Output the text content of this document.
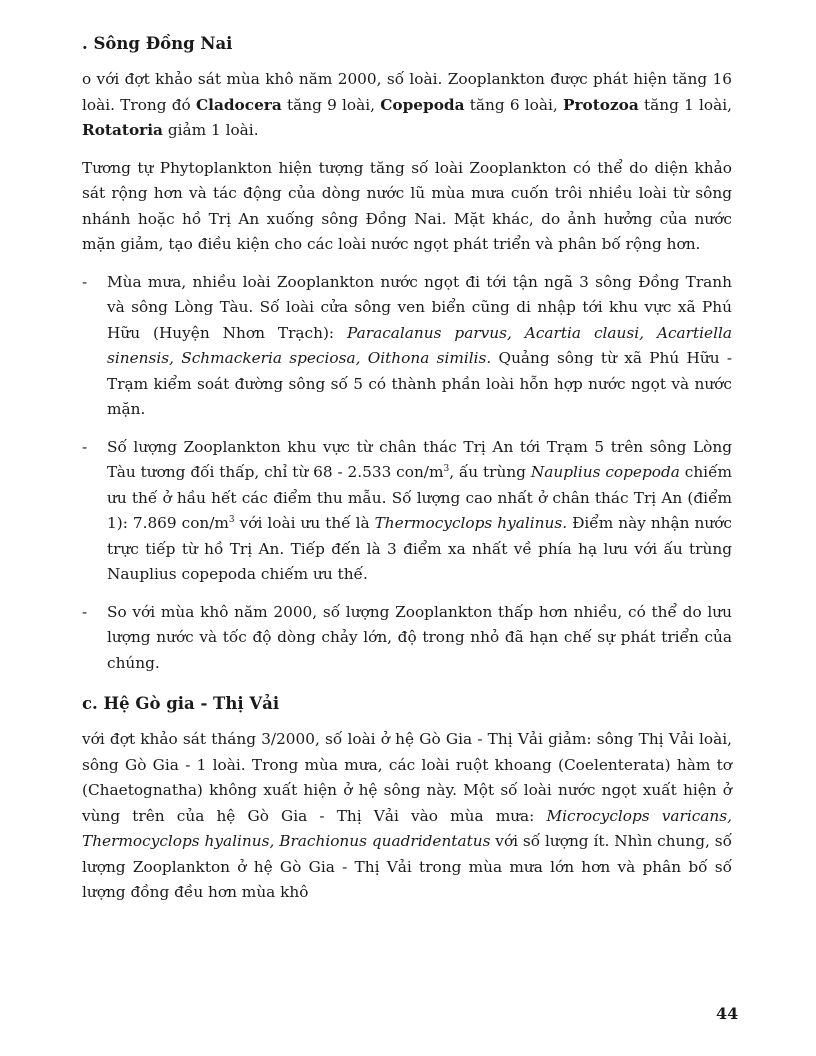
. Sông Đồng Nai

o với đợt khảo sát mùa khô năm 2000, số loài. Zooplankton được phát hiện tăng 16 loài. Trong đó Cladocera tăng 9 loài, Copepoda tăng 6 loài, Protozoa tăng 1 loài, Rotatoria giảm 1 loài.

Tương tự Phytoplankton hiện tượng tăng số loài Zooplankton có thể do diện khảo sát rộng hơn và tác động của dòng nước lũ mùa mưa cuốn trôi nhiều loài từ sông nhánh hoặc hồ Trị An xuống sông Đồng Nai. Mặt khác, do ảnh hưởng của nước mặn giảm, tạo điều kiện cho các loài nước ngọt phát triển và phân bố rộng hơn.

- Mùa mưa, nhiều loài Zooplankton nước ngọt đi tới tận ngã 3 sông Đồng Tranh và sông Lòng Tàu. Số loài cửa sông ven biển cũng di nhập tới khu vực xã Phú Hữu (Huyện Nhơn Trạch): Paracalanus parvus, Acartia clausi, Acartiella sinensis, Schmackeria speciosa, Oithona similis. Quảng sông từ xã Phú Hữu - Trạm kiểm soát đường sông số 5 có thành phần loài hỗn hợp nước ngọt và nước mặn.
- Số lượng Zooplankton khu vực từ chân thác Trị An tới Trạm 5 trên sông Lòng Tàu tương đối thấp, chỉ từ 68 - 2.533 con/$m^3$, ấu trùng Nauplius copepoda chiếm ưu thế ở hầu hết các điểm thu mẫu. Số lượng cao nhất ở chân thác Trị An (điểm 1): 7.869 con/$m^3$ với loài ưu thế là Thermocyclops hyalinus. Điểm này nhận nước trực tiếp từ hồ Trị An. Tiếp đến là 3 điểm xa nhất về phía hạ lưu với ấu trùng Nauplius copepoda chiếm ưu thế.
- So với mùa khô năm 2000, số lượng Zooplankton thấp hơn nhiều, có thể do lưu lượng nước và tốc độ dòng chảy lớn, độ trong nhỏ đã hạn chế sự phát triển của chúng.
c. Hệ Gò gia - Thị Vải

với đợt khảo sát tháng 3/2000, số loài ở hệ Gò Gia - Thị Vải giảm: sông Thị Vải loài, sông Gò Gia - 1 loài. Trong mùa mưa, các loài ruột khoang (Coelenterata) hàm tơ (Chaetognatha) không xuất hiện ở hệ sông này. Một số loài nước ngọt xuất hiện ở vùng trên của hệ Gò Gia - Thị Vải vào mùa mưa: Microcyclops varicans, Thermocyclops hyalinus, Brachionus quadridentatus với số lượng ít. Nhìn chung, số lượng Zooplankton ở hệ Gò Gia - Thị Vải trong mùa mưa lớn hơn và phân bố số lượng đồng đều hơn mùa khô

44
